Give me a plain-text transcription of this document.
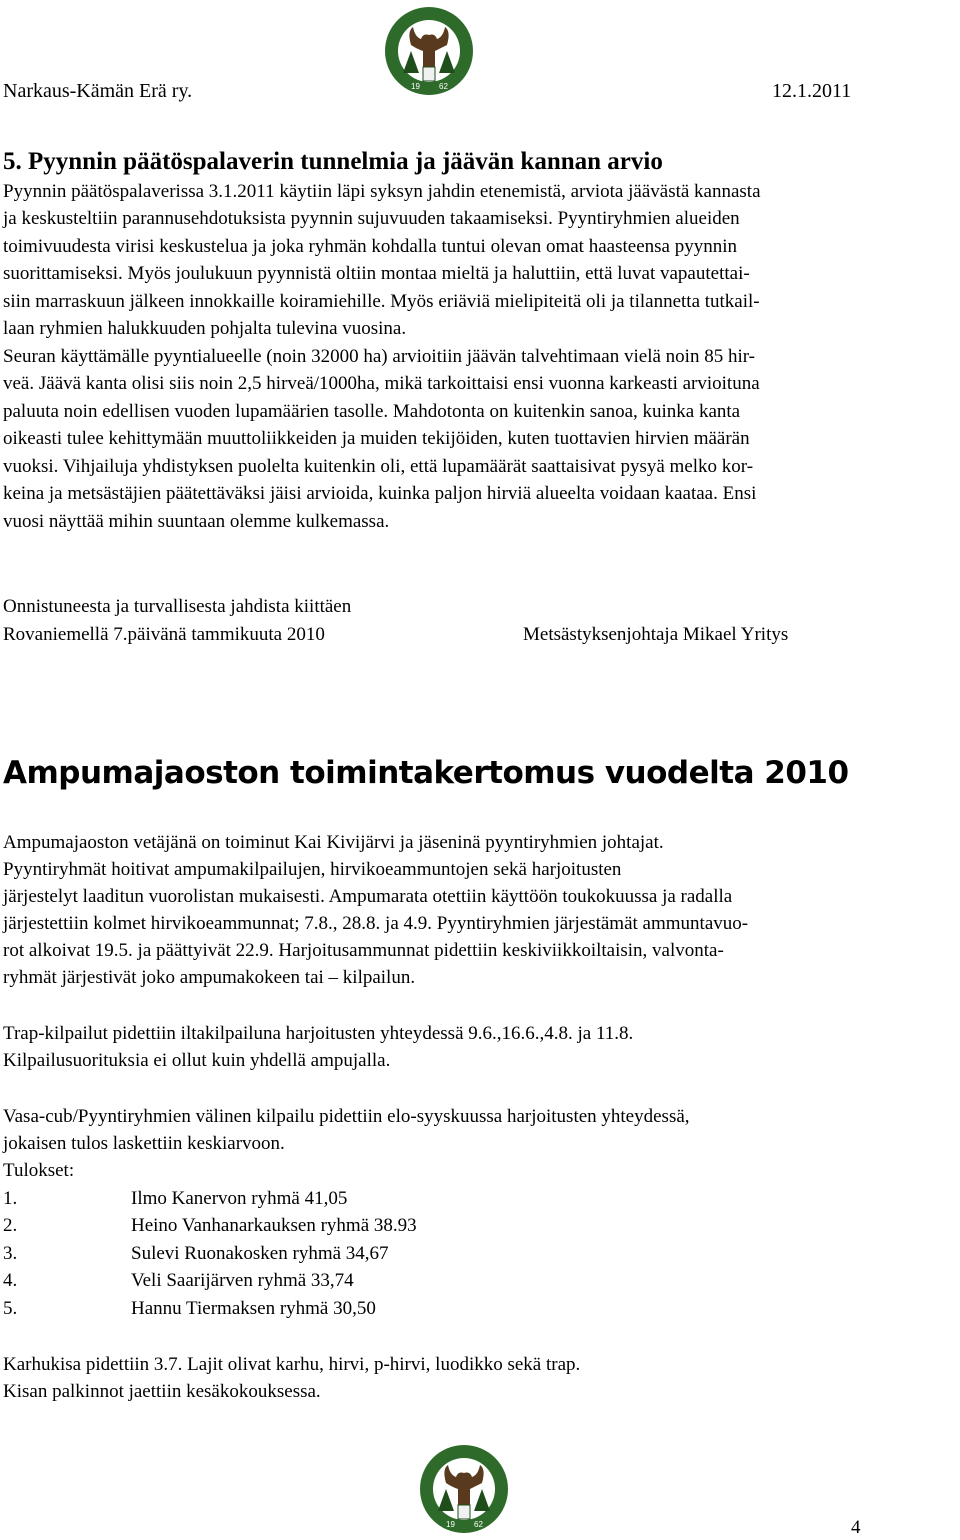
19 62
Narkaus-Kämän Erä ry.	12.1.2011
5. Pyynnin päätöspalaverin tunnelmia ja jäävän kannan arvio
Pyynnin päätöspalaverissa 3.1.2011 käytiin läpi syksyn jahdin etenemistä, arviota jäävästä kannasta
ja keskusteltiin parannusehdotuksista pyynnin sujuvuuden takaamiseksi. Pyyntiryhmien alueiden
toimivuudesta virisi keskustelua ja joka ryhmän kohdalla tuntui olevan omat haasteensa pyynnin
suorittamiseksi. Myös joulukuun pyynnistä oltiin montaa mieltä ja haluttiin, että luvat vapautettai-
siin marraskuun jälkeen innokkaille koiramiehille. Myös eriäviä mielipiteitä oli ja tilannetta tutkail-
laan ryhmien halukkuuden pohjalta tulevina vuosina.
Seuran käyttämälle pyyntialueelle (noin 32000 ha) arvioitiin jäävän talvehtimaan vielä noin 85 hir-
veä. Jäävä kanta olisi siis noin 2,5 hirveä/1000ha, mikä tarkoittaisi ensi vuonna karkeasti arvioituna
paluuta noin edellisen vuoden lupamäärien tasolle. Mahdotonta on kuitenkin sanoa, kuinka kanta
oikeasti tulee kehittymään muuttoliikkeiden ja muiden tekijöiden, kuten tuottavien hirvien määrän
vuoksi. Vihjailuja yhdistyksen puolelta kuitenkin oli, että lupamäärät saattaisivat pysyä melko kor-
keina ja metsästäjien päätettäväksi jäisi arvioida, kuinka paljon hirviä alueelta voidaan kaataa. Ensi
vuosi näyttää mihin suuntaan olemme kulkemassa.
Onnistuneesta ja turvallisesta jahdista kiittäen
Rovaniemellä 7.päivänä tammikuuta 2010	Metsästyksenjohtaja Mikael Yritys
Ampumajaoston toimintakertomus vuodelta 2010
Ampumajaoston vetäjänä on toiminut Kai Kivijärvi ja jäseninä pyyntiryhmien johtajat.
Pyyntiryhmät hoitivat ampumakilpailujen, hirvikoeammuntojen sekä harjoitusten
järjestelyt laaditun vuorolistan mukaisesti. Ampumarata otettiin käyttöön toukokuussa ja radalla
järjestettiin kolmet hirvikoeammunnat; 7.8., 28.8. ja 4.9. Pyyntiryhmien järjestämät ammuntavuo-
rot alkoivat 19.5. ja päättyivät 22.9. Harjoitusammunnat pidettiin keskiviikkoiltaisin, valvonta-
ryhmät järjestivät joko ampumakokeen tai – kilpailun.
Trap-kilpailut pidettiin iltakilpailuna harjoitusten yhteydessä 9.6.,16.6.,4.8. ja 11.8.
Kilpailusuorituksia ei ollut kuin yhdellä ampujalla.
Vasa-cub/Pyyntiryhmien välinen kilpailu pidettiin elo-syyskuussa harjoitusten yhteydessä,
jokaisen tulos laskettiin keskiarvoon.
Tulokset:
1.	Ilmo Kanervon ryhmä 41,05
2.	Heino Vanhanarkauksen ryhmä 38.93
3.	Sulevi Ruonakosken ryhmä 34,67
4.	Veli Saarijärven ryhmä 33,74
5.	Hannu Tiermaksen ryhmä 30,50
Karhukisa pidettiin 3.7. Lajit olivat karhu, hirvi, p-hirvi, luodikko sekä trap.
Kisan palkinnot jaettiin kesäkokouksessa.
19 62	4
